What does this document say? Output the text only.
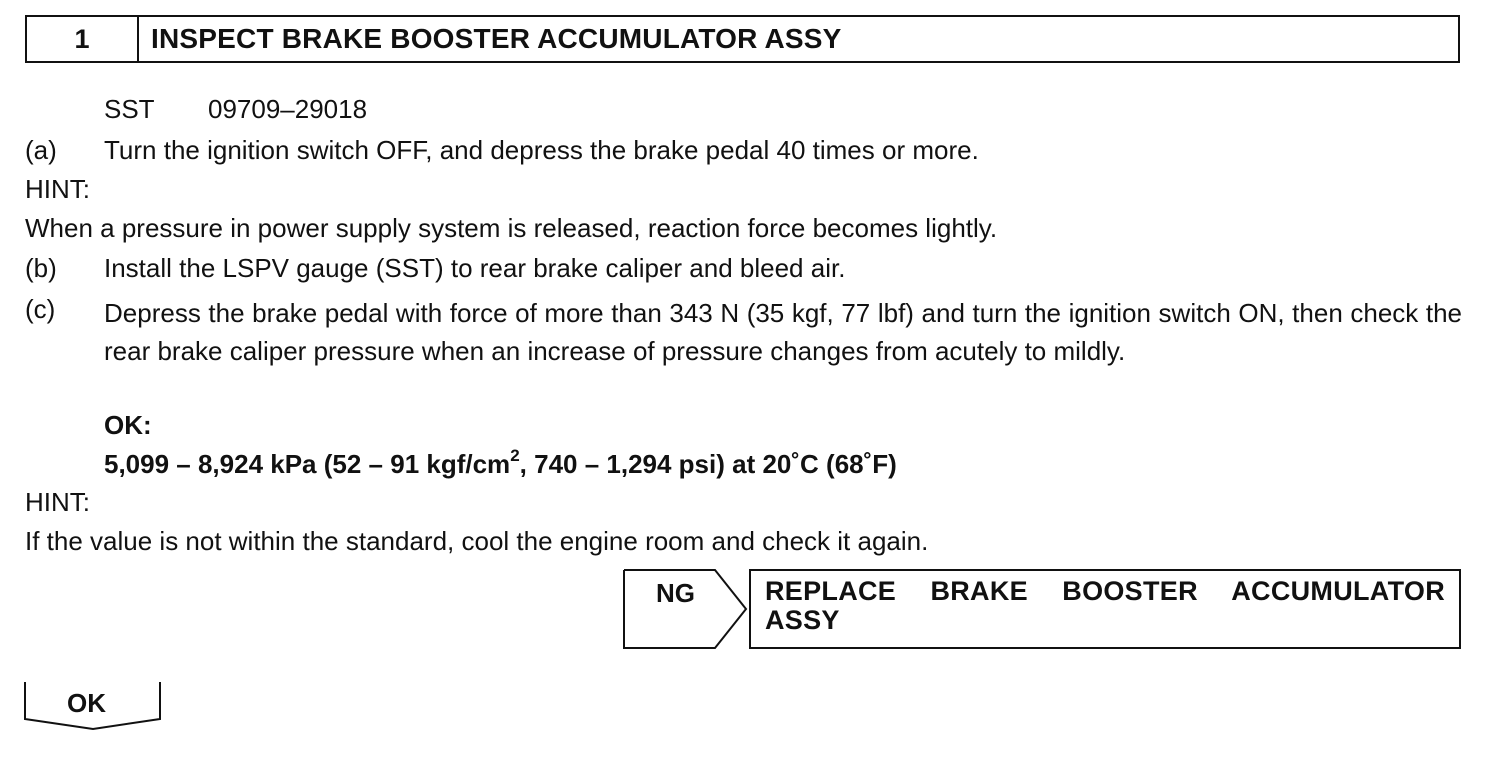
1	INSPECT BRAKE BOOSTER ACCUMULATOR ASSY
SST 09709–29018
(a) Turn the ignition switch OFF, and depress the brake pedal 40 times or more.
HINT:
When a pressure in power supply system is released, reaction force becomes lightly.
(b) Install the LSPV gauge (SST) to rear brake caliper and bleed air.
(c) Depress the brake pedal with force of more than 343 N (35 kgf, 77 lbf) and turn the ignition switch ON, then check the rear brake caliper pressure when an increase of pressure changes from acutely to mildly.
OK:
5,099 – 8,924 kPa (52 – 91 kgf/$cm^2$, 740 – 1,294 psi) at 20˚C (68˚F)
HINT:
If the value is not within the standard, cool the engine room and check it again.
NG	REPLACE BRAKE BOOSTER ACCUMULATOR ASSY
OK
